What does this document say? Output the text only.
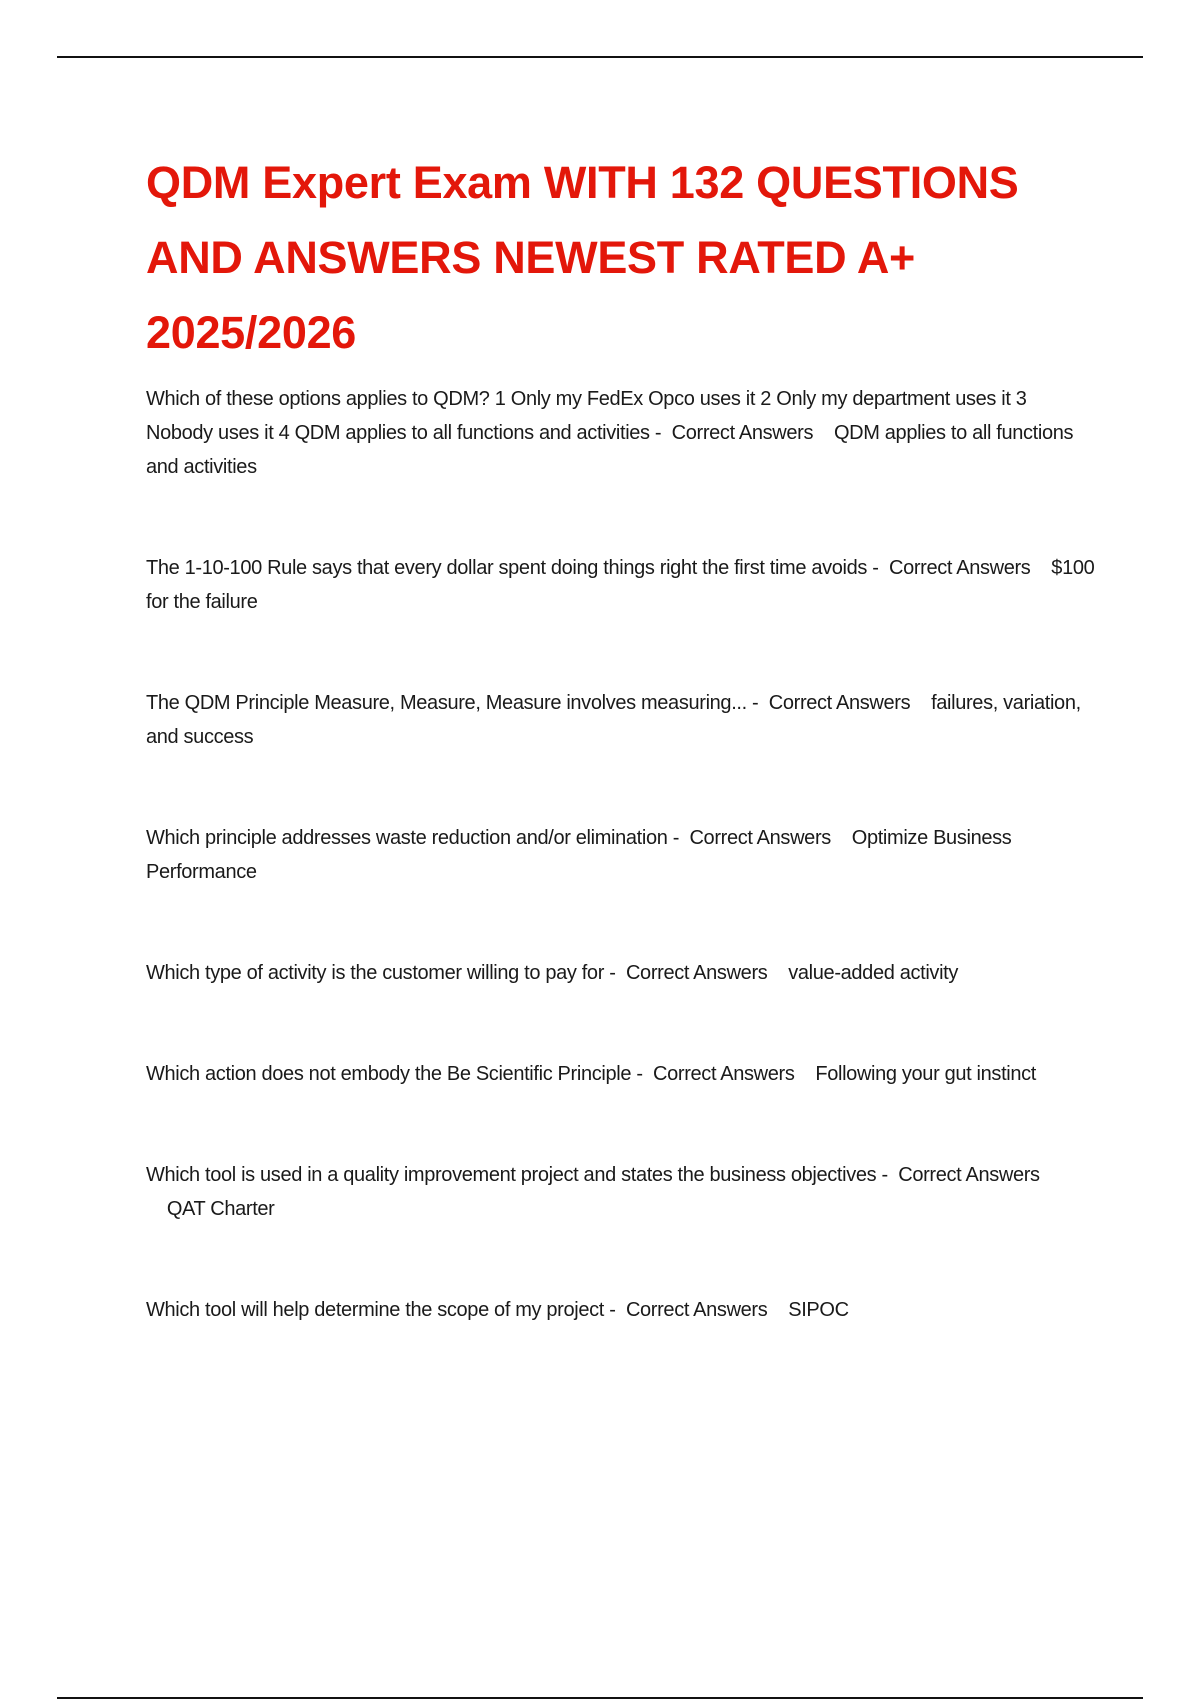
QDM Expert Exam WITH 132 QUESTIONS AND ANSWERS NEWEST RATED A+ 2025/2026

Which of these options applies to QDM? 1 Only my FedEx Opco uses it 2 Only my department uses it 3 Nobody uses it 4 QDM applies to all functions and activities - Correct Answers QDM applies to all functions and activities

The 1-10-100 Rule says that every dollar spent doing things right the first time avoids - Correct Answers $100 for the failure

The QDM Principle Measure, Measure, Measure involves measuring... - Correct Answers failures, variation, and success

Which principle addresses waste reduction and/or elimination - Correct Answers Optimize Business Performance

Which type of activity is the customer willing to pay for - Correct Answers value-added activity

Which action does not embody the Be Scientific Principle - Correct Answers Following your gut instinct

Which tool is used in a quality improvement project and states the business objectives - Correct Answers    QAT Charter

Which tool will help determine the scope of my project - Correct Answers SIPOC
